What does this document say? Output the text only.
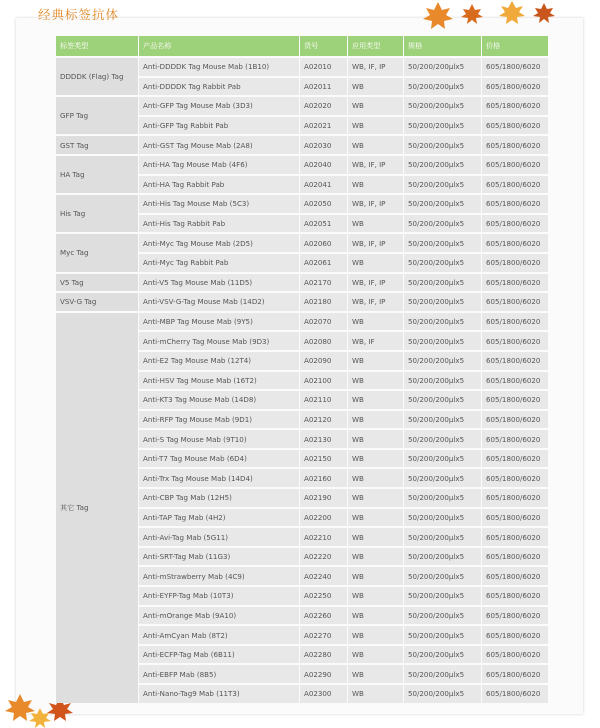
经典标签抗体
标签类型	产品名称	货号	应用类型	规格	价格
DDDDK (Flag) Tag	Anti-DDDDK Tag Mouse Mab (1B10)	A02010	WB, IF, IP	50/200/200μlx5	605/1800/6020
	Anti-DDDDK Tag Rabbit Pab	A02011	WB	50/200/200μlx5	605/1800/6020
GFP Tag	Anti-GFP Tag Mouse Mab (3D3)	A02020	WB	50/200/200μlx5	605/1800/6020
	Anti-GFP Tag Rabbit Pab	A02021	WB	50/200/200μlx5	605/1800/6020
GST Tag	Anti-GST Tag Mouse Mab (2A8)	A02030	WB	50/200/200μlx5	605/1800/6020
HA Tag	Anti-HA Tag Mouse Mab (4F6)	A02040	WB, IF, IP	50/200/200μlx5	605/1800/6020
	Anti-HA Tag Rabbit Pab	A02041	WB	50/200/200μlx5	605/1800/6020
His Tag	Anti-His Tag Mouse Mab (5C3)	A02050	WB, IF, IP	50/200/200μlx5	605/1800/6020
	Anti-His Tag Rabbit Pab	A02051	WB	50/200/200μlx5	605/1800/6020
Myc Tag	Anti-Myc Tag Mouse Mab (2D5)	A02060	WB, IF, IP	50/200/200μlx5	605/1800/6020
	Anti-Myc Tag Rabbit Pab	A02061	WB	50/200/200μlx5	605/1800/6020
V5 Tag	Anti-V5 Tag Mouse Mab (11D5)	A02170	WB, IF, IP	50/200/200μlx5	605/1800/6020
VSV-G Tag	Anti-VSV-G-Tag Mouse Mab (14D2)	A02180	WB, IF, IP	50/200/200μlx5	605/1800/6020
其它 Tag	Anti-MBP Tag Mouse Mab (9Y5)	A02070	WB	50/200/200μlx5	605/1800/6020
	Anti-mCherry Tag Mouse Mab (9D3)	A02080	WB, IF	50/200/200μlx5	605/1800/6020
	Anti-E2 Tag Mouse Mab (12T4)	A02090	WB	50/200/200μlx5	605/1800/6020
	Anti-HSV Tag Mouse Mab (16T2)	A02100	WB	50/200/200μlx5	605/1800/6020
	Anti-KT3 Tag Mouse Mab (14D8)	A02110	WB	50/200/200μlx5	605/1800/6020
	Anti-RFP Tag Mouse Mab (9D1)	A02120	WB	50/200/200μlx5	605/1800/6020
	Anti-S Tag Mouse Mab (9T10)	A02130	WB	50/200/200μlx5	605/1800/6020
	Anti-T7 Tag Mouse Mab (6D4)	A02150	WB	50/200/200μlx5	605/1800/6020
	Anti-Trx Tag Mouse Mab (14D4)	A02160	WB	50/200/200μlx5	605/1800/6020
	Anti-CBP Tag Mab (12H5)	A02190	WB	50/200/200μlx5	605/1800/6020
	Anti-TAP Tag Mab (4H2)	A02200	WB	50/200/200μlx5	605/1800/6020
	Anti-Avi-Tag Mab (5G11)	A02210	WB	50/200/200μlx5	605/1800/6020
	Anti-SRT-Tag Mab (11G3)	A02220	WB	50/200/200μlx5	605/1800/6020
	Anti-mStrawberry Mab (4C9)	A02240	WB	50/200/200μlx5	605/1800/6020
	Anti-EYFP-Tag Mab (10T3)	A02250	WB	50/200/200μlx5	605/1800/6020
	Anti-mOrange Mab (9A10)	A02260	WB	50/200/200μlx5	605/1800/6020
	Anti-AmCyan Mab (8T2)	A02270	WB	50/200/200μlx5	605/1800/6020
	Anti-ECFP-Tag Mab (6B11)	A02280	WB	50/200/200μlx5	605/1800/6020
	Anti-EBFP Mab (8B5)	A02290	WB	50/200/200μlx5	605/1800/6020
	Anti-Nano-Tag9 Mab (11T3)	A02300	WB	50/200/200μlx5	605/1800/6020
